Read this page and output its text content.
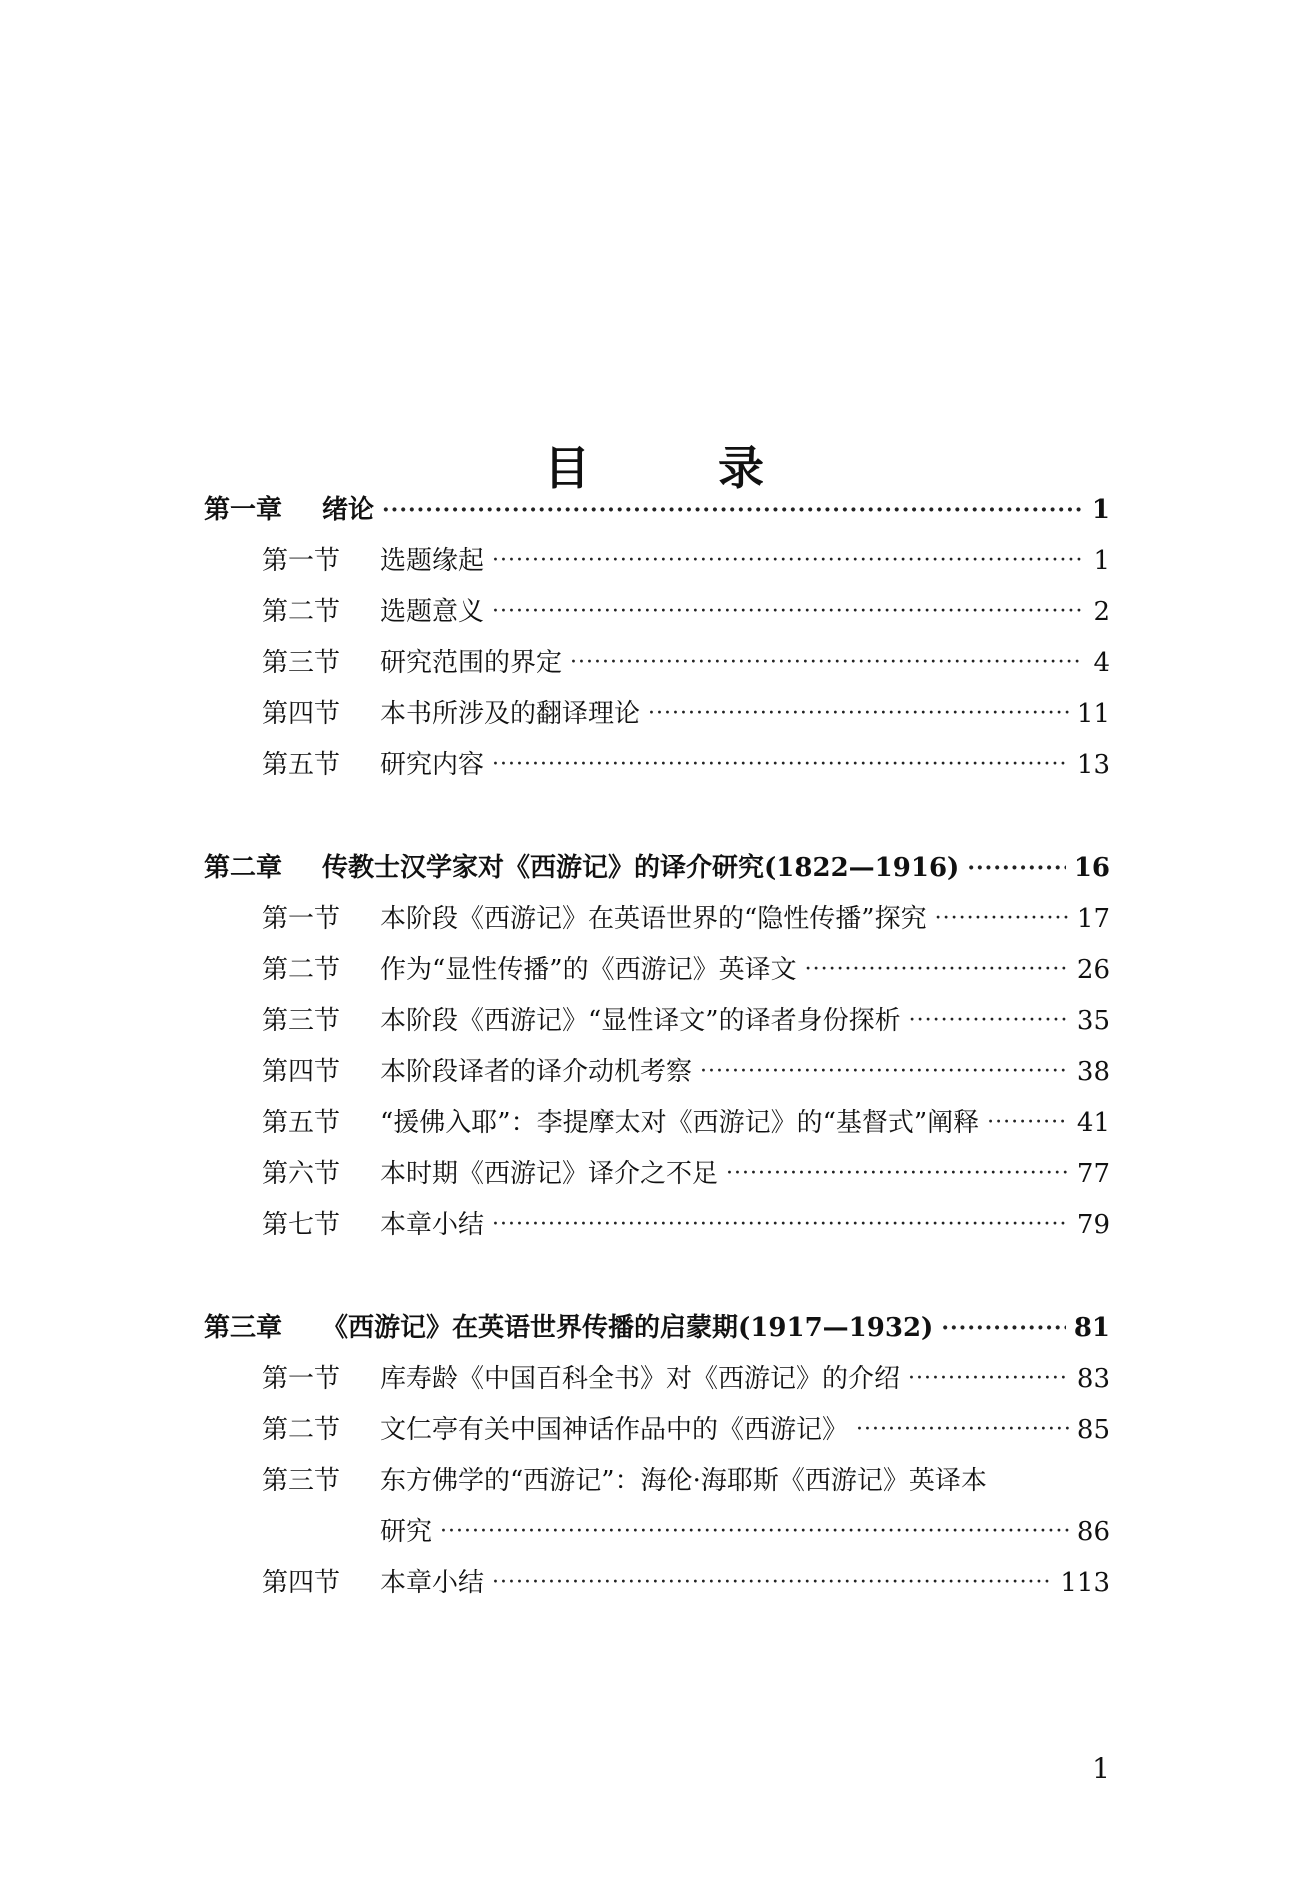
目	录
第一章 绪论 ·····	1
第一节 选题缘起 ·····	1
第二节 选题意义 ·····	2
第三节 研究范围的界定 ·····	4
第四节 本书所涉及的翻译理论 ·····	11
第五节 研究内容 ·····	13
第二章 传教士汉学家对《西游记》的译介研究(1822—1916) ·····	16
第一节 本阶段《西游记》在英语世界的“隐性传播”探究 ·····	17
第二节 作为“显性传播”的《西游记》英译文 ·····	26
第三节 本阶段《西游记》“显性译文”的译者身份探析 ·····	35
第四节 本阶段译者的译介动机考察 ·····	38
第五节 “援佛入耶”：李提摩太对《西游记》的“基督式”阐释 ·····	41
第六节 本时期《西游记》译介之不足 ·····	77
第七节 本章小结 ·····	79
第三章 《西游记》在英语世界传播的启蒙期(1917—1932) ·····	81
第一节 库寿龄《中国百科全书》对《西游记》的介绍 ·····	83
第二节 文仁亭有关中国神话作品中的《西游记》 ·····	85
第三节 东方佛学的“西游记”：海伦·海耶斯《西游记》英译本
研究 ·····	86
第四节 本章小结 ·····	113
1
